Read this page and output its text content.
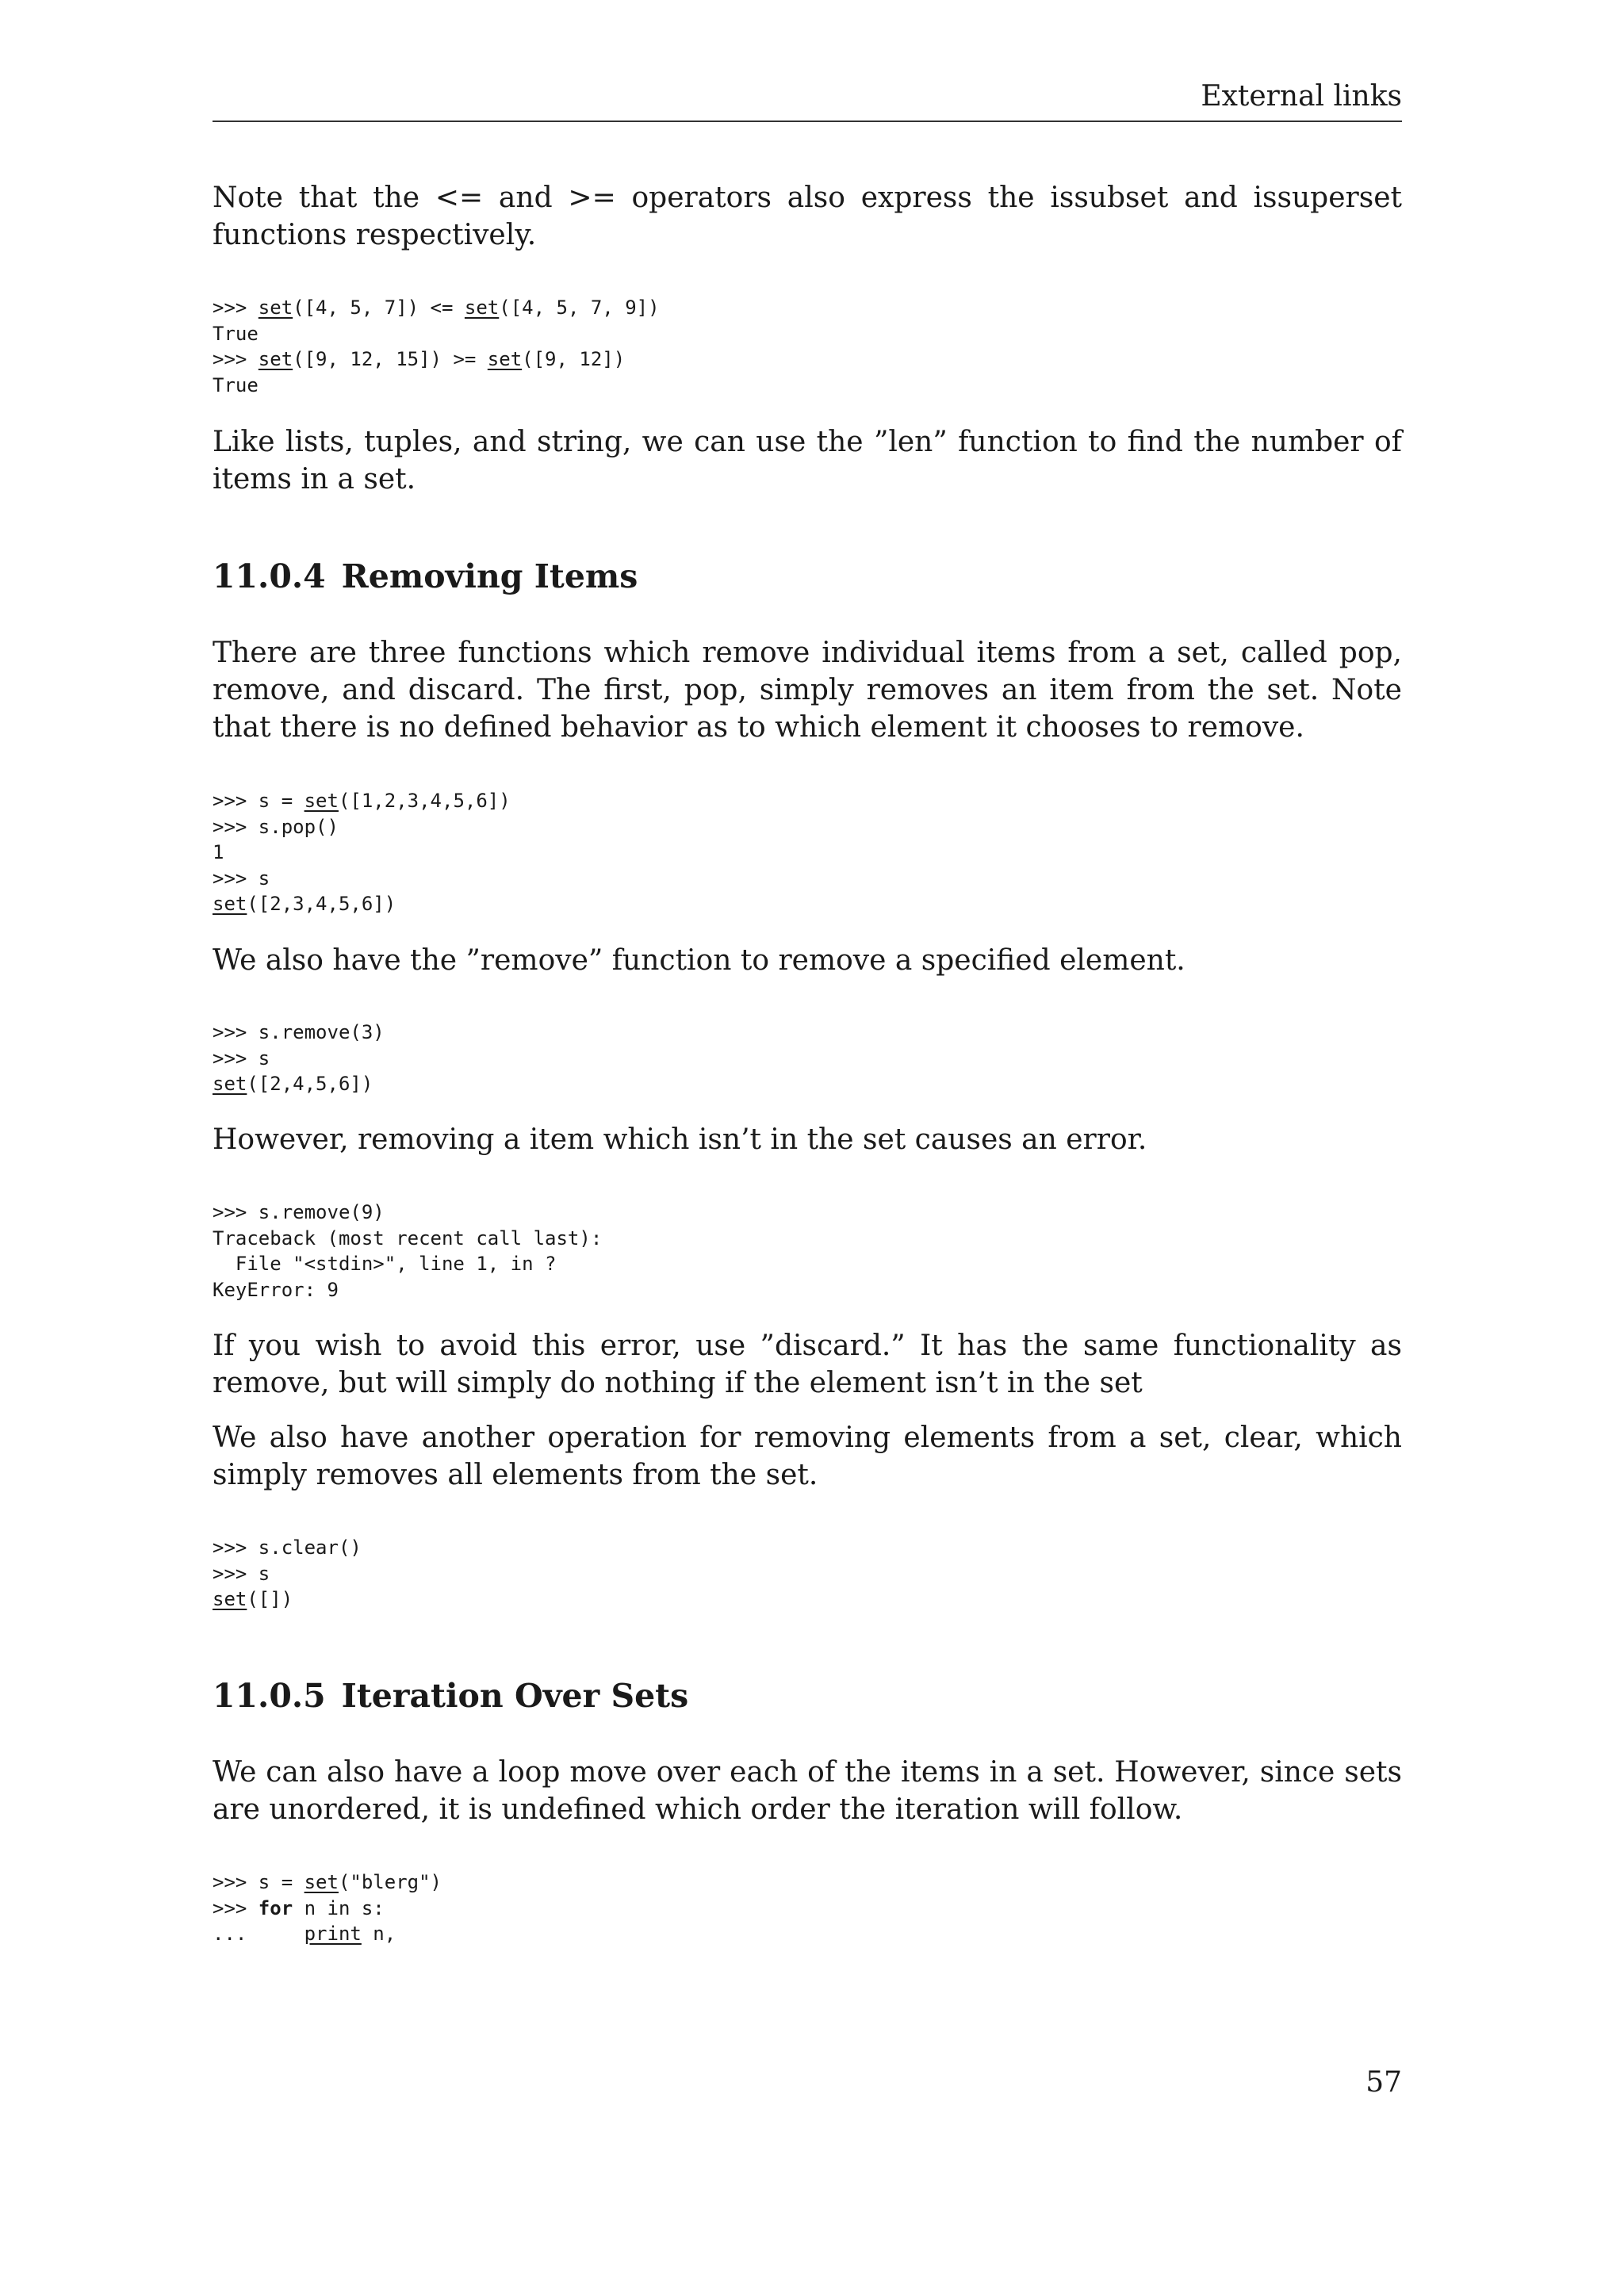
External links

Note that the <= and >= operators also express the issubset and issuperset functions respectively.

>>> set([4, 5, 7]) <= set([4, 5, 7, 9])
True
>>> set([9, 12, 15]) >= set([9, 12])
True

Like lists, tuples, and string, we can use the ”len” function to find the number of items in a set.

11.0.4 Removing Items

There are three functions which remove individual items from a set, called pop, remove, and discard. The first, pop, simply removes an item from the set. Note that there is no defined behavior as to which element it chooses to remove.

>>> s = set([1,2,3,4,5,6])
>>> s.pop()
1
>>> s
set([2,3,4,5,6])

We also have the ”remove” function to remove a specified element.

>>> s.remove(3)
>>> s
set([2,4,5,6])

However, removing a item which isn’t in the set causes an error.

>>> s.remove(9)
Traceback (most recent call last):
File "<stdin>", line 1, in ?
KeyError: 9

If you wish to avoid this error, use ”discard.” It has the same functionality as remove, but will simply do nothing if the element isn’t in the set

We also have another operation for removing elements from a set, clear, which simply removes all elements from the set.

>>> s.clear()
>>> s
set([])
11.0.5 Iteration Over Sets

We can also have a loop move over each of the items in a set. However, since sets are unordered, it is undefined which order the iteration will follow.

>>> s = set("blerg")
>>> for n in s:
...     print n,
57
